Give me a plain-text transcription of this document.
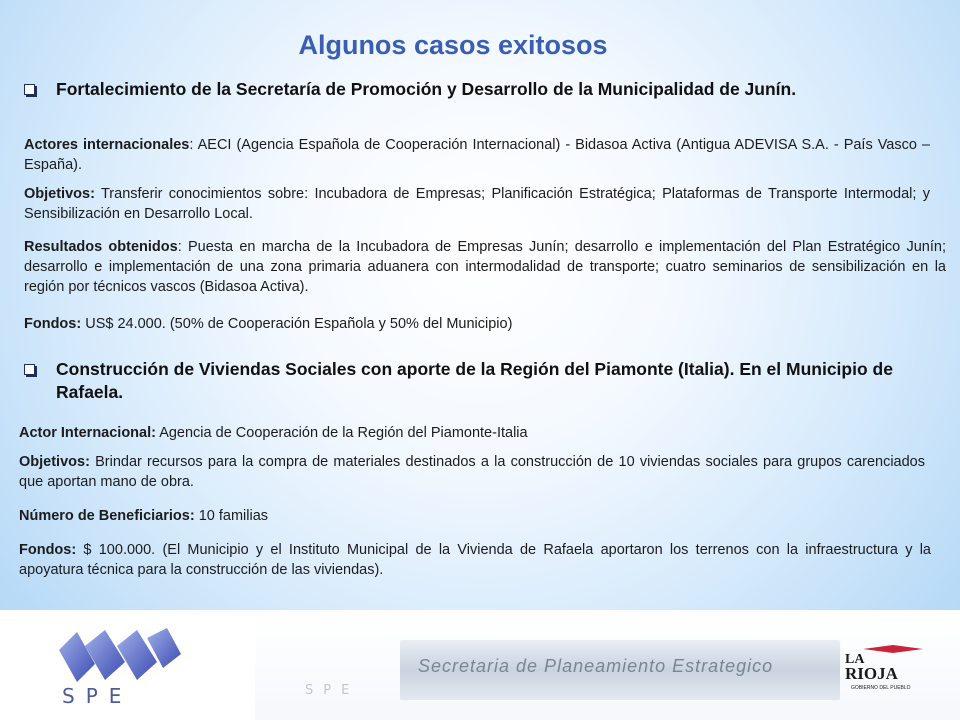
Algunos casos exitosos
Fortalecimiento de la Secretaría de Promoción y Desarrollo de la Municipalidad de Junín.
Actores internacionales: AECI (Agencia Española de Cooperación Internacional) - Bidasoa Activa (Antigua ADEVISA S.A. - País Vasco – España).
Objetivos: Transferir conocimientos sobre: Incubadora de Empresas; Planificación Estratégica; Plataformas de Transporte Intermodal; y Sensibilización en Desarrollo Local.
Resultados obtenidos: Puesta en marcha de la Incubadora de Empresas Junín; desarrollo e implementación del Plan Estratégico Junín; desarrollo e implementación de una zona primaria aduanera con intermodalidad de transporte; cuatro seminarios de sensibilización en la región por técnicos vascos (Bidasoa Activa).
Fondos: US$ 24.000. (50% de Cooperación Española y 50% del Municipio)
Construcción de Viviendas Sociales con aporte de la Región del Piamonte (Italia). En el Municipio de Rafaela.
Actor Internacional: Agencia de Cooperación de la Región del Piamonte-Italia
Objetivos: Brindar recursos para la compra de materiales destinados a la construcción de 10 viviendas sociales para grupos carenciados que aportan mano de obra.
Número de Beneficiarios: 10 familias
Fondos: $ 100.000. (El Municipio y el Instituto Municipal de la Vivienda de Rafaela aportaron los terrenos con la infraestructura y la apoyatura técnica para la construcción de las viviendas).
SPE	SPE
Secretaria de Planeamiento Estrategico	LA
RIOJA
GOBIERNO DEL PUEBLO
